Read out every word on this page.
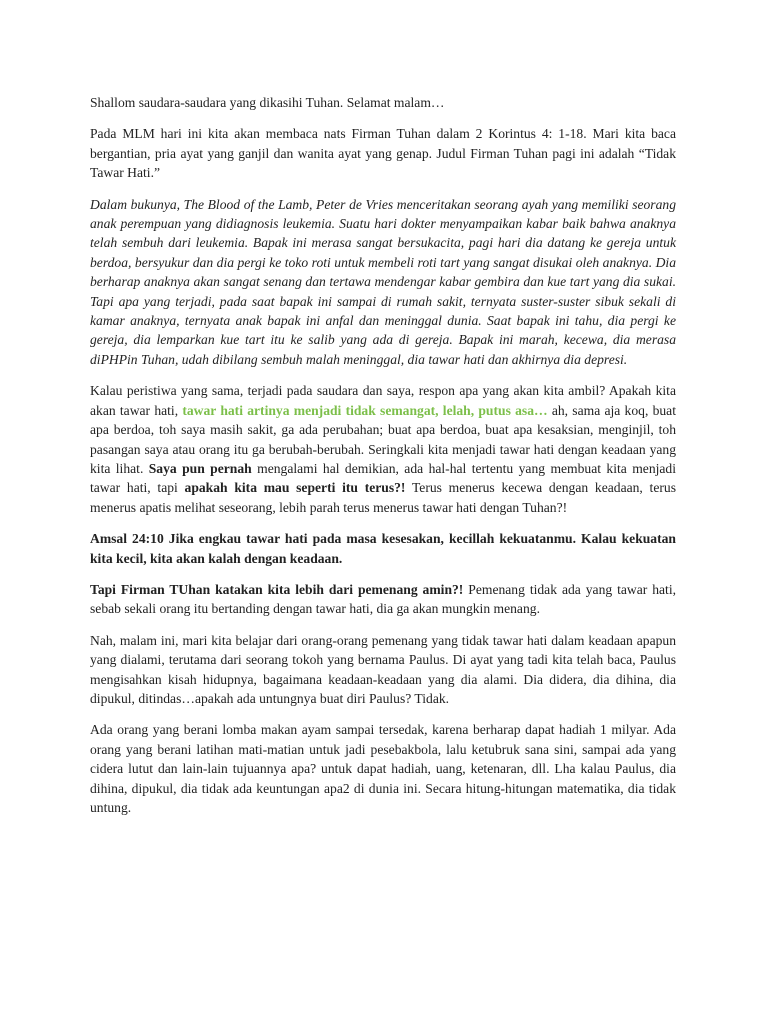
Shallom saudara-saudara yang dikasihi Tuhan. Selamat malam…

Pada MLM hari ini kita akan membaca nats Firman Tuhan dalam 2 Korintus 4: 1-18. Mari kita baca bergantian, pria ayat yang ganjil dan wanita ayat yang genap. Judul Firman Tuhan pagi ini adalah “Tidak Tawar Hati.”

Dalam bukunya, The Blood of the Lamb, Peter de Vries menceritakan seorang ayah yang memiliki seorang anak perempuan yang didiagnosis leukemia. Suatu hari dokter menyampaikan kabar baik bahwa anaknya telah sembuh dari leukemia. Bapak ini merasa sangat bersukacita, pagi hari dia datang ke gereja untuk berdoa, bersyukur dan dia pergi ke toko roti untuk membeli roti tart yang sangat disukai oleh anaknya. Dia berharap anaknya akan sangat senang dan tertawa mendengar kabar gembira dan kue tart yang dia sukai. Tapi apa yang terjadi, pada saat bapak ini sampai di rumah sakit, ternyata suster-suster sibuk sekali di kamar anaknya, ternyata anak bapak ini anfal dan meninggal dunia. Saat bapak ini tahu, dia pergi ke gereja, dia lemparkan kue tart itu ke salib yang ada di gereja. Bapak ini marah, kecewa, dia merasa diPHPin Tuhan, udah dibilang sembuh malah meninggal, dia tawar hati dan akhirnya dia depresi.

Kalau peristiwa yang sama, terjadi pada saudara dan saya, respon apa yang akan kita ambil? Apakah kita akan tawar hati, tawar hati artinya menjadi tidak semangat, lelah, putus asa… ah, sama aja koq, buat apa berdoa, toh saya masih sakit, ga ada perubahan; buat apa berdoa, buat apa kesaksian, menginjil, toh pasangan saya atau orang itu ga berubah-berubah. Seringkali kita menjadi tawar hati dengan keadaan yang kita lihat. Saya pun pernah mengalami hal demikian, ada hal-hal tertentu yang membuat kita menjadi tawar hati, tapi apakah kita mau seperti itu terus?! Terus menerus kecewa dengan keadaan, terus menerus apatis melihat seseorang, lebih parah terus menerus tawar hati dengan Tuhan?!

Amsal 24:10 Jika engkau tawar hati pada masa kesesakan, kecillah kekuatanmu. Kalau kekuatan kita kecil, kita akan kalah dengan keadaan.

Tapi Firman TUhan katakan kita lebih dari pemenang amin?! Pemenang tidak ada yang tawar hati, sebab sekali orang itu bertanding dengan tawar hati, dia ga akan mungkin menang.

Nah, malam ini, mari kita belajar dari orang-orang pemenang yang tidak tawar hati dalam keadaan apapun yang dialami, terutama dari seorang tokoh yang bernama Paulus. Di ayat yang tadi kita telah baca, Paulus mengisahkan kisah hidupnya, bagaimana keadaan-keadaan yang dia alami. Dia didera, dia dihina, dia dipukul, ditindas…apakah ada untungnya buat diri Paulus? Tidak.

Ada orang yang berani lomba makan ayam sampai tersedak, karena berharap dapat hadiah 1 milyar. Ada orang yang berani latihan mati-matian untuk jadi pesebakbola, lalu ketubruk sana sini, sampai ada yang cidera lutut dan lain-lain tujuannya apa? untuk dapat hadiah, uang, ketenaran, dll. Lha kalau Paulus, dia dihina, dipukul, dia tidak ada keuntungan apa2 di dunia ini. Secara hitung-hitungan matematika, dia tidak untung.
